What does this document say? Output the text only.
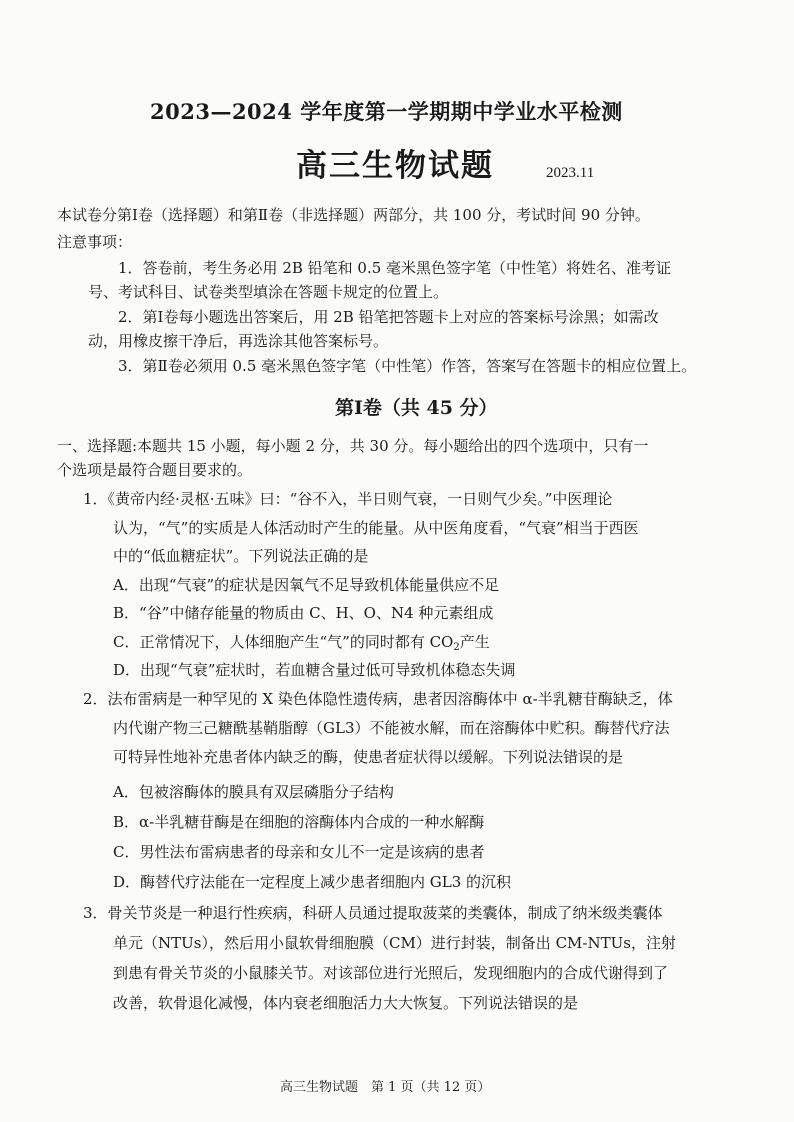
2023—2024 学年度第一学期期中学业水平检测
高三生物试题	2023.11
本试卷分第Ⅰ卷（选择题）和第Ⅱ卷（非选择题）两部分，共 100 分，考试时间 90 分钟。
注意事项：
1．答卷前，考生务必用 2B 铅笔和 0.5 毫米黑色签字笔（中性笔）将姓名、准考证
号、考试科目、试卷类型填涂在答题卡规定的位置上。
2．第Ⅰ卷每小题选出答案后，用 2B 铅笔把答题卡上对应的答案标号涂黑；如需改
动，用橡皮擦干净后，再选涂其他答案标号。
3．第Ⅱ卷必须用 0.5 毫米黑色签字笔（中性笔）作答，答案写在答题卡的相应位置上。
第Ⅰ卷（共 45 分）
一、选择题:本题共 15 小题，每小题 2 分，共 30 分。每小题给出的四个选项中，只有一
个选项是最符合题目要求的。
1．《黄帝内经·灵枢·五味》曰：“谷不入，半日则气衰，一日则气少矣。”中医理论
认为，“气”的实质是人体活动时产生的能量。从中医角度看，“气衰”相当于西医
中的“低血糖症状”。下列说法正确的是
A．出现“气衰”的症状是因氧气不足导致机体能量供应不足
B．“谷”中储存能量的物质由 C、H、O、N4 种元素组成
C．正常情况下，人体细胞产生“气”的同时都有 $CO_2$产生
D．出现“气衰”症状时，若血糖含量过低可导致机体稳态失调
2．法布雷病是一种罕见的 X 染色体隐性遗传病，患者因溶酶体中 α-半乳糖苷酶缺乏，体
内代谢产物三己糖酰基鞘脂醇（GL3）不能被水解，而在溶酶体中贮积。酶替代疗法
可特异性地补充患者体内缺乏的酶，使患者症状得以缓解。下列说法错误的是
A．包被溶酶体的膜具有双层磷脂分子结构
B．α-半乳糖苷酶是在细胞的溶酶体内合成的一种水解酶
C．男性法布雷病患者的母亲和女儿不一定是该病的患者
D．酶替代疗法能在一定程度上减少患者细胞内 GL3 的沉积
3．骨关节炎是一种退行性疾病，科研人员通过提取菠菜的类囊体，制成了纳米级类囊体
单元（NTUs），然后用小鼠软骨细胞膜（CM）进行封装，制备出 CM-NTUs，注射
到患有骨关节炎的小鼠膝关节。对该部位进行光照后，发现细胞内的合成代谢得到了
改善，软骨退化减慢，体内衰老细胞活力大大恢复。下列说法错误的是
高三生物试题　第 1 页（共 12 页）
